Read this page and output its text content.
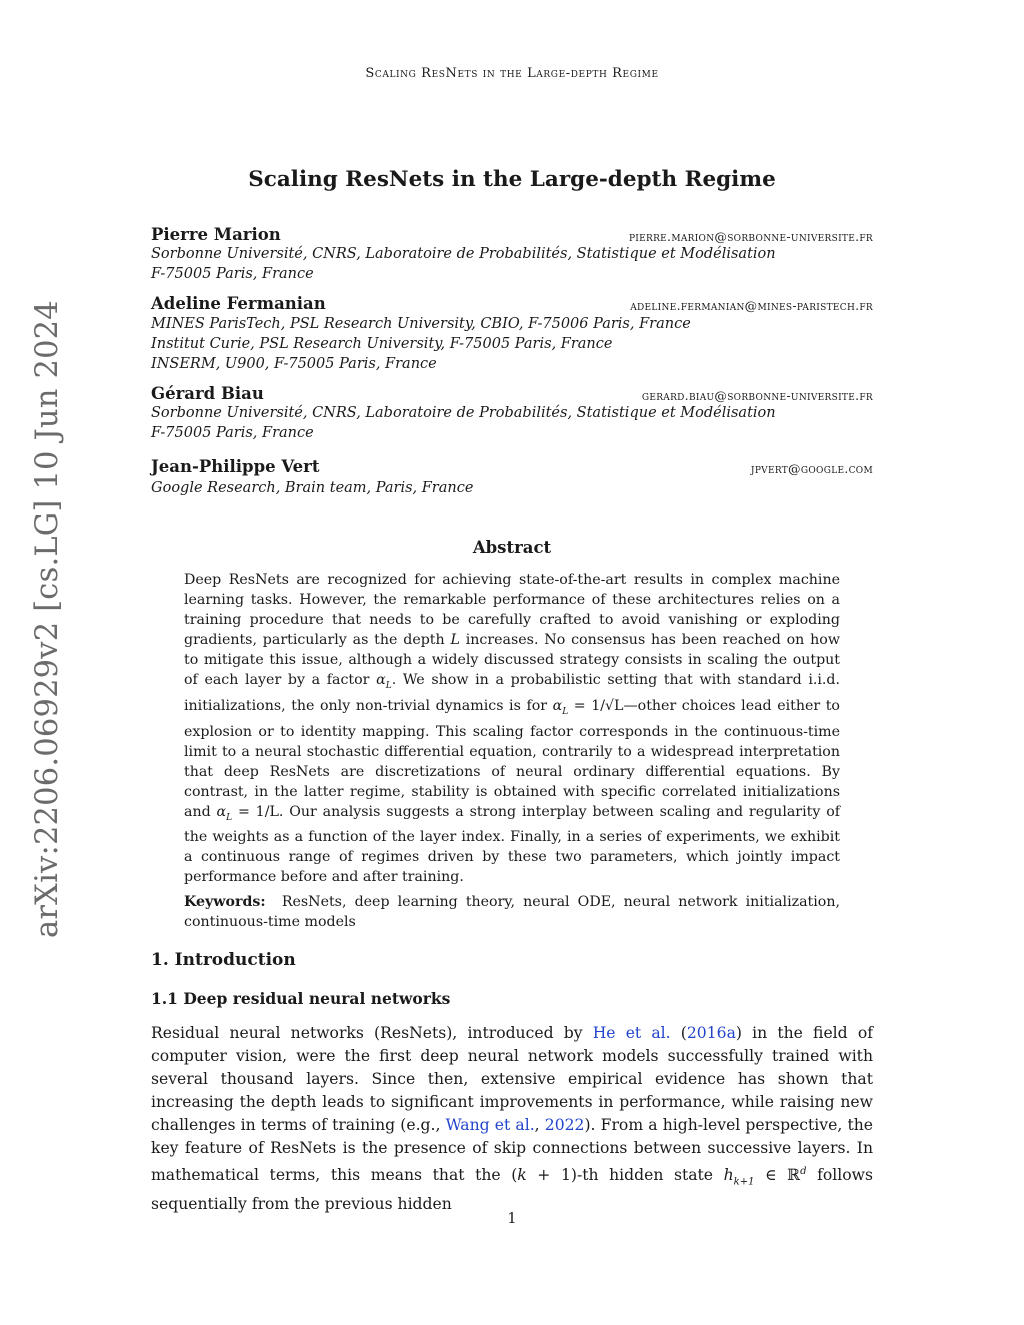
Scaling ResNets in the Large-depth Regime
arXiv:2206.06929v2 [cs.LG] 10 Jun 2024
Scaling ResNets in the Large-depth Regime
Pierre Marion	pierre.marion@sorbonne-universite.fr
Sorbonne Université, CNRS, Laboratoire de Probabilités, Statistique et Modélisation
F-75005 Paris, France
Adeline Fermanian	adeline.fermanian@mines-paristech.fr
MINES ParisTech, PSL Research University, CBIO, F-75006 Paris, France
Institut Curie, PSL Research University, F-75005 Paris, France
INSERM, U900, F-75005 Paris, France
Gérard Biau	gerard.biau@sorbonne-universite.fr
Sorbonne Université, CNRS, Laboratoire de Probabilités, Statistique et Modélisation
F-75005 Paris, France
Jean-Philippe Vert	jpvert@google.com
Google Research, Brain team, Paris, France
Abstract
Deep ResNets are recognized for achieving state-of-the-art results in complex machine learning tasks. However, the remarkable performance of these architectures relies on a training procedure that needs to be carefully crafted to avoid vanishing or exploding gradients, particularly as the depth L increases. No consensus has been reached on how to mitigate this issue, although a widely discussed strategy consists in scaling the output of each layer by a factor $\alpha_L$. We show in a probabilistic setting that with standard i.i.d. initializations, the only non-trivial dynamics is for $\alpha_L$ = 1/√L—other choices lead either to explosion or to identity mapping. This scaling factor corresponds in the continuous-time limit to a neural stochastic differential equation, contrarily to a widespread interpretation that deep ResNets are discretizations of neural ordinary differential equations. By contrast, in the latter regime, stability is obtained with specific correlated initializations and $\alpha_L = 1/L$. Our analysis suggests a strong interplay between scaling and regularity of the weights as a function of the layer index. Finally, in a series of experiments, we exhibit a continuous range of regimes driven by these two parameters, which jointly impact performance before and after training.
Keywords: ResNets, deep learning theory, neural ODE, neural network initialization, continuous-time models
1. Introduction
1.1 Deep residual neural networks
Residual neural networks (ResNets), introduced by He et al. (2016a) in the field of computer vision, were the first deep neural network models successfully trained with several thousand layers. Since then, extensive empirical evidence has shown that increasing the depth leads to significant improvements in performance, while raising new challenges in terms of training (e.g., Wang et al., 2022). From a high-level perspective, the key feature of ResNets is the presence of skip connections between successive layers. In mathematical terms, this means that the (k + 1)-th hidden state $h_{k+1}$ ∈ ℝ$^d$ follows sequentially from the previous hidden
1
